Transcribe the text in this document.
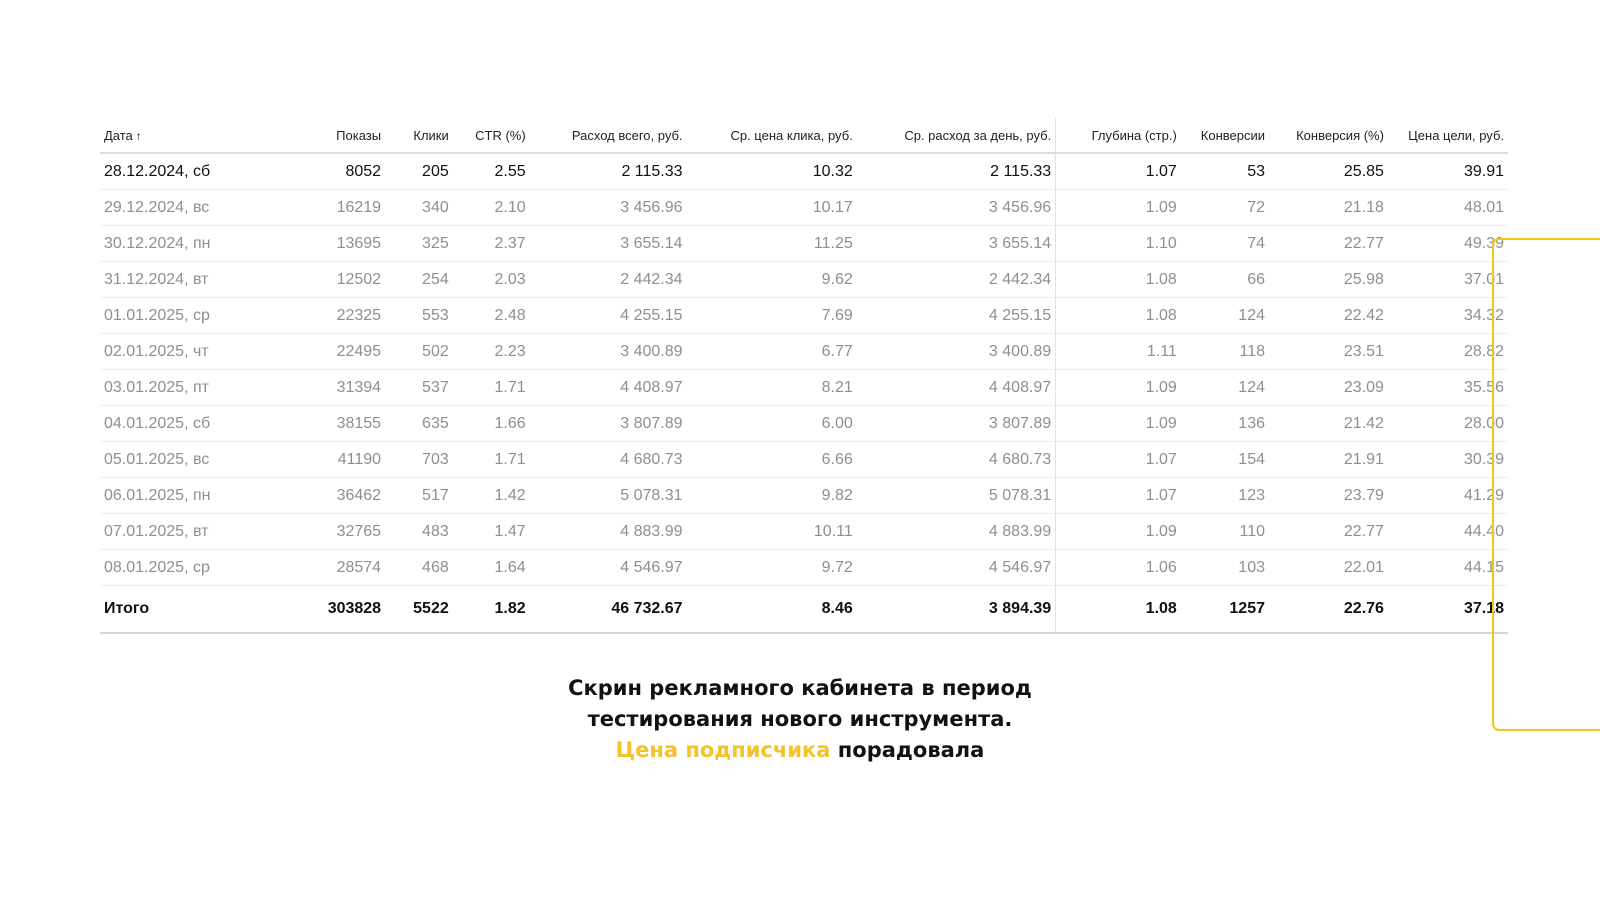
Дата ↑	Показы	Клики	CTR (%)	Расход всего, руб.	Ср. цена клика, руб.	Ср. расход за день, руб.	Глубина (стр.)	Конверсии	Конверсия (%)	Цена цели, руб.
28.12.2024, сб	8052	205	2.55	2 115.33	10.32	2 115.33	1.07	53	25.85	39.91
29.12.2024, вс	16219	340	2.10	3 456.96	10.17	3 456.96	1.09	72	21.18	48.01
30.12.2024, пн	13695	325	2.37	3 655.14	11.25	3 655.14	1.10	74	22.77	49.39
31.12.2024, вт	12502	254	2.03	2 442.34	9.62	2 442.34	1.08	66	25.98	37.01
01.01.2025, ср	22325	553	2.48	4 255.15	7.69	4 255.15	1.08	124	22.42	34.32
02.01.2025, чт	22495	502	2.23	3 400.89	6.77	3 400.89	1.11	118	23.51	28.82
03.01.2025, пт	31394	537	1.71	4 408.97	8.21	4 408.97	1.09	124	23.09	35.56
04.01.2025, сб	38155	635	1.66	3 807.89	6.00	3 807.89	1.09	136	21.42	28.00
05.01.2025, вс	41190	703	1.71	4 680.73	6.66	4 680.73	1.07	154	21.91	30.39
06.01.2025, пн	36462	517	1.42	5 078.31	9.82	5 078.31	1.07	123	23.79	41.29
07.01.2025, вт	32765	483	1.47	4 883.99	10.11	4 883.99	1.09	110	22.77	44.40
08.01.2025, ср	28574	468	1.64	4 546.97	9.72	4 546.97	1.06	103	22.01	44.15
Итого	303828	5522	1.82	46 732.67	8.46	3 894.39	1.08	1257	22.76	37.18
Скрин рекламного кабинета в период
тестирования нового инструмента.
Цена подписчика порадовала
